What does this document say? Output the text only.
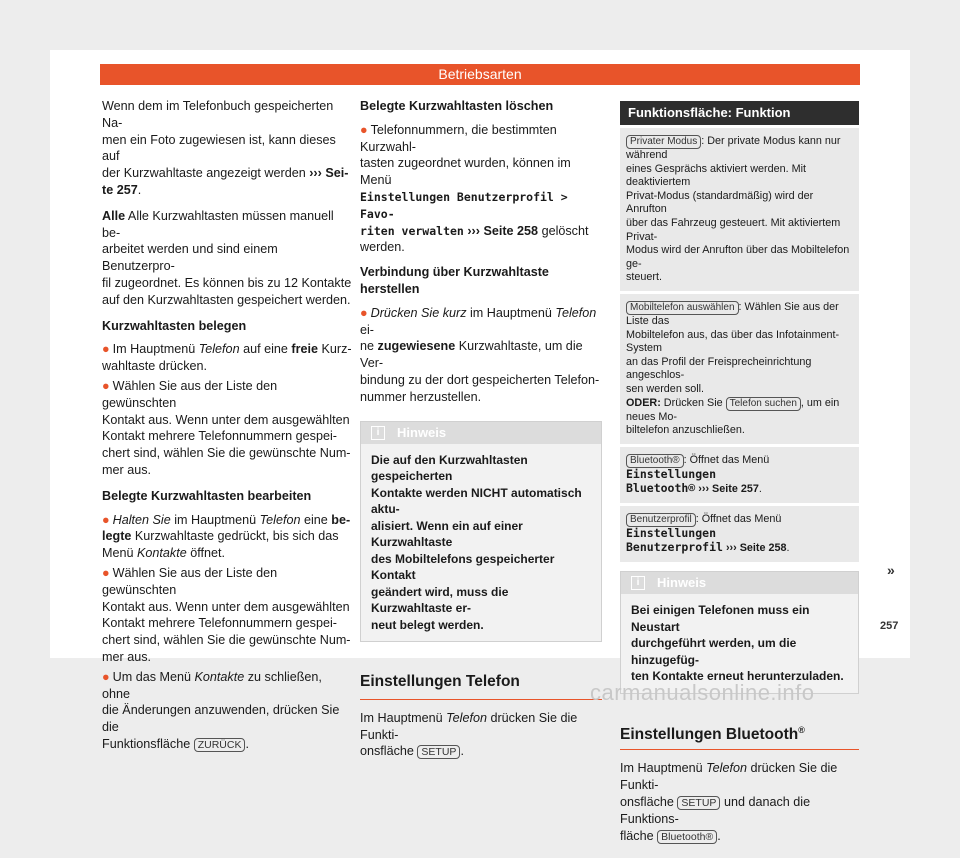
Betriebsarten

Wenn dem im Telefonbuch gespeicherten Na-
men ein Foto zugewiesen ist, kann dieses auf
der Kurzwahltaste angezeigt werden ››› Sei-
te 257.

Alle Alle Kurzwahltasten müssen manuell be-
arbeitet werden und sind einem Benutzerpro-
fil zugeordnet. Es können bis zu 12 Kontakte
auf den Kurzwahltasten gespeichert werden.

Kurzwahltasten belegen

● Im Hauptmenü Telefon auf eine freie Kurz-
wahltaste drücken.

● Wählen Sie aus der Liste den gewünschten
Kontakt aus. Wenn unter dem ausgewählten
Kontakt mehrere Telefonnummern gespei-
chert sind, wählen Sie die gewünschte Num-
mer aus.

Belegte Kurzwahltasten bearbeiten

● Halten Sie im Hauptmenü Telefon eine be-
legte Kurzwahltaste gedrückt, bis sich das
Menü Kontakte öffnet.

● Wählen Sie aus der Liste den gewünschten
Kontakt aus. Wenn unter dem ausgewählten
Kontakt mehrere Telefonnummern gespei-
chert sind, wählen Sie die gewünschte Num-
mer aus.

● Um das Menü Kontakte zu schließen, ohne
die Änderungen anzuwenden, drücken Sie die
Funktionsfläche ZURÜCK .

Belegte Kurzwahltasten löschen

● Telefonnummern, die bestimmten Kurzwahl-
tasten zugeordnet wurden, können im Menü
Einstellungen Benutzerprofil > Favo-
riten verwalten ››› Seite 258 gelöscht
werden.

Verbindung über Kurzwahltaste herstellen

● Drücken Sie kurz im Hauptmenü Telefon ei-
ne zugewiesene Kurzwahltaste, um die Ver-
bindung zu der dort gespeicherten Telefon-
nummer herzustellen.

i	Hinweis
Die auf den Kurzwahltasten gespeicherten
Kontakte werden NICHT automatisch aktu-
alisiert. Wenn ein auf einer Kurzwahltaste
des Mobiltelefons gespeicherter Kontakt
geändert wird, muss die Kurzwahltaste er-
neut belegt werden.
Einstellungen Telefon

Im Hauptmenü Telefon drücken Sie die Funkti-
onsfläche SETUP .

Funktionsfläche: Funktion
Privater Modus : Der private Modus kann nur während
eines Gesprächs aktiviert werden. Mit deaktiviertem
Privat-Modus (standardmäßig) wird der Anrufton
über das Fahrzeug gesteuert. Mit aktiviertem Privat-
Modus wird der Anrufton über das Mobiltelefon ge-
steuert.
Mobiltelefon auswählen : Wählen Sie aus der Liste das
Mobiltelefon aus, das über das Infotainment-System
an das Profil der Freisprecheinrichtung angeschlos-
sen werden soll.
ODER: Drücken Sie Telefon suchen , um ein neues Mo-
biltelefon anzuschließen.
Bluetooth® : Öffnet das Menü Einstellungen
Bluetooth® ››› Seite 257.
Benutzerprofil : Öffnet das Menü Einstellungen
Benutzerprofil ››› Seite 258.
i	Hinweis
Bei einigen Telefonen muss ein Neustart
durchgeführt werden, um die hinzugefüg-
ten Kontakte erneut herunterzuladen.
Einstellungen Bluetooth®

Im Hauptmenü Telefon drücken Sie die Funkti-
onsfläche SETUP und danach die Funktions-
fläche Bluetooth® .

»
257
carmanualsonline.info
